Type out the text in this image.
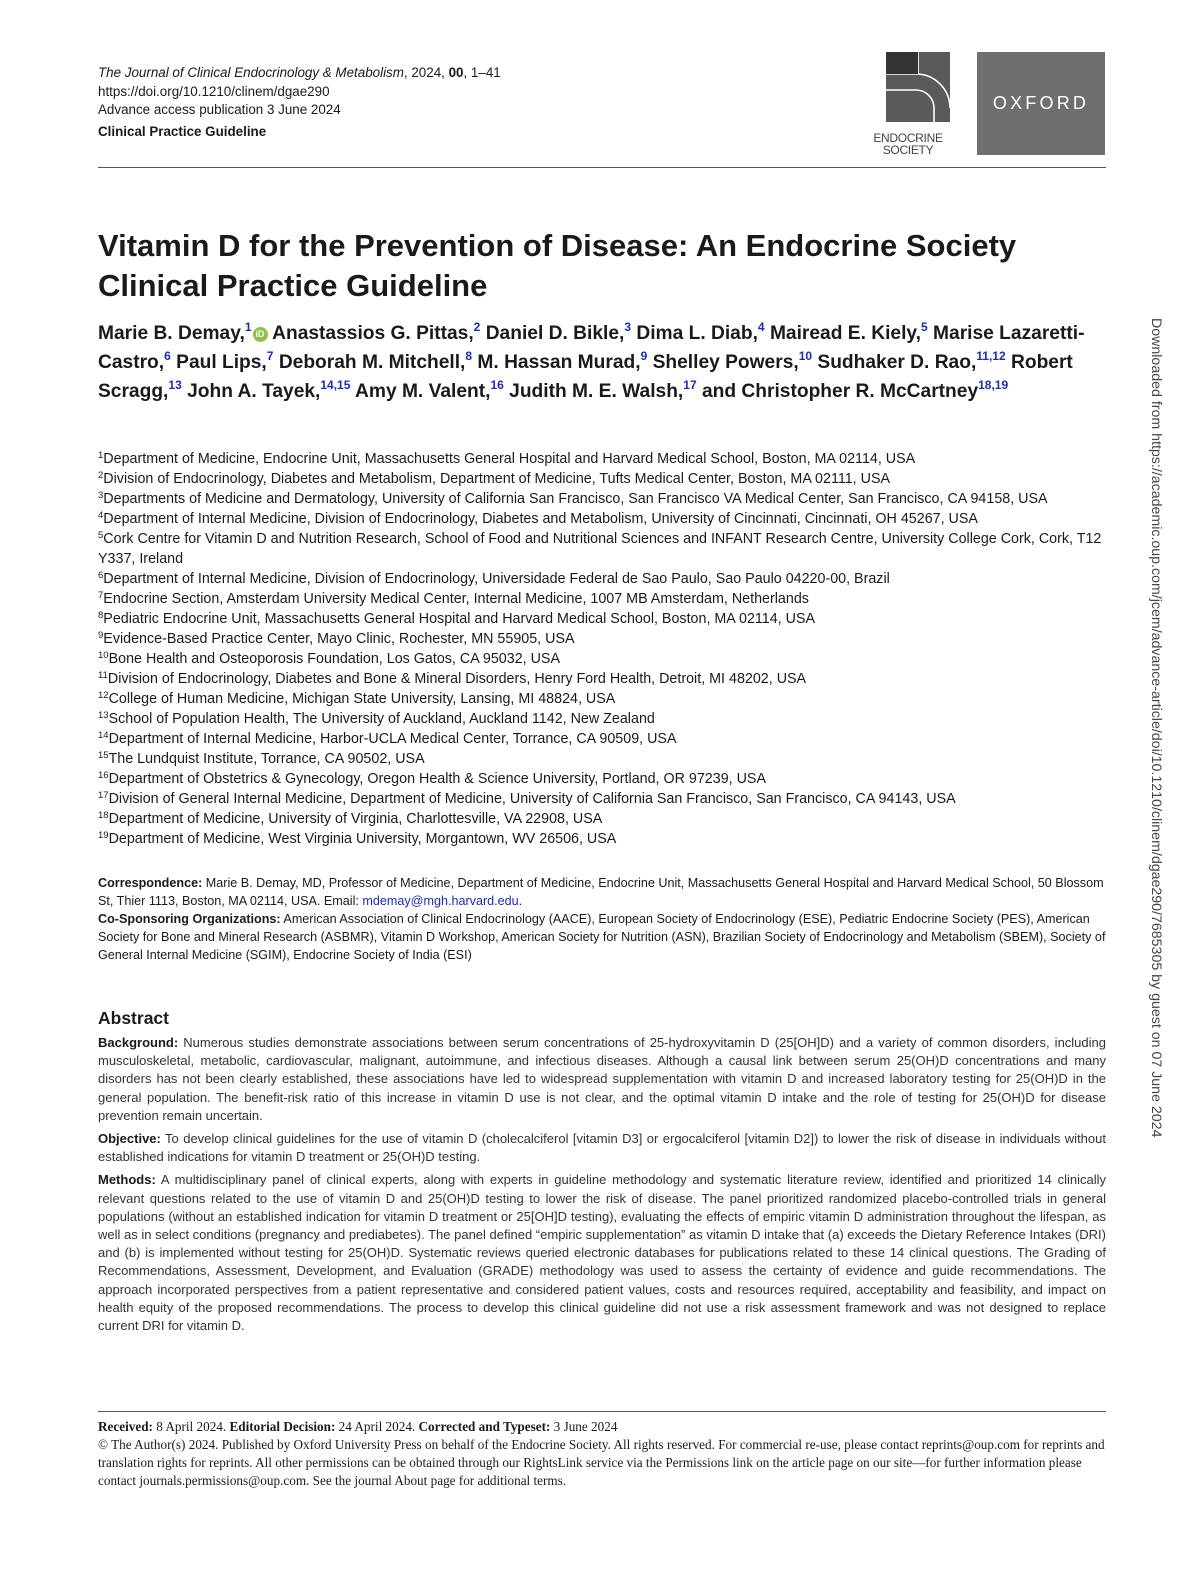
The Journal of Clinical Endocrinology & Metabolism, 2024, 00, 1–41
https://doi.org/10.1210/clinem/dgae290
Advance access publication 3 June 2024
Clinical Practice Guideline	ENDOCRINE
SOCIETY
OXFORD
Vitamin D for the Prevention of Disease: An Endocrine Society Clinical Practice Guideline
Marie B. Demay,$^1$ iD Anastassios G. Pittas,$^2$ Daniel D. Bikle,$^3$ Dima L. Diab,$^4$ Mairead E. Kiely,$^5$ Marise Lazaretti-Castro,$^6$ Paul Lips,$^7$ Deborah M. Mitchell,$^8$ M. Hassan Murad,$^9$ Shelley Powers,$^{10}$ Sudhaker D. Rao,$^{11,12}$ Robert Scragg,$^{13}$ John A. Tayek,$^{14,15}$ Amy M. Valent,$^{16}$ Judith M. E. Walsh,$^{17}$ and Christopher R. McCartney$^{18,19}$
$^1$Department of Medicine, Endocrine Unit, Massachusetts General Hospital and Harvard Medical School, Boston, MA 02114, USA
$^2$Division of Endocrinology, Diabetes and Metabolism, Department of Medicine, Tufts Medical Center, Boston, MA 02111, USA
$^3$Departments of Medicine and Dermatology, University of California San Francisco, San Francisco VA Medical Center, San Francisco, CA 94158, USA
$^4$Department of Internal Medicine, Division of Endocrinology, Diabetes and Metabolism, University of Cincinnati, Cincinnati, OH 45267, USA
$^5$Cork Centre for Vitamin D and Nutrition Research, School of Food and Nutritional Sciences and INFANT Research Centre, University College Cork, Cork, T12 Y337, Ireland
$^6$Department of Internal Medicine, Division of Endocrinology, Universidade Federal de Sao Paulo, Sao Paulo 04220-00, Brazil
$^7$Endocrine Section, Amsterdam University Medical Center, Internal Medicine, 1007 MB Amsterdam, Netherlands
$^8$Pediatric Endocrine Unit, Massachusetts General Hospital and Harvard Medical School, Boston, MA 02114, USA
$^9$Evidence-Based Practice Center, Mayo Clinic, Rochester, MN 55905, USA
$^{10}$Bone Health and Osteoporosis Foundation, Los Gatos, CA 95032, USA
$^{11}$Division of Endocrinology, Diabetes and Bone & Mineral Disorders, Henry Ford Health, Detroit, MI 48202, USA
$^{12}$College of Human Medicine, Michigan State University, Lansing, MI 48824, USA
$^{13}$School of Population Health, The University of Auckland, Auckland 1142, New Zealand
$^{14}$Department of Internal Medicine, Harbor-UCLA Medical Center, Torrance, CA 90509, USA
$^{15}$The Lundquist Institute, Torrance, CA 90502, USA
$^{16}$Department of Obstetrics & Gynecology, Oregon Health & Science University, Portland, OR 97239, USA
$^{17}$Division of General Internal Medicine, Department of Medicine, University of California San Francisco, San Francisco, CA 94143, USA
$^{18}$Department of Medicine, University of Virginia, Charlottesville, VA 22908, USA
$^{19}$Department of Medicine, West Virginia University, Morgantown, WV 26506, USA
Correspondence: Marie B. Demay, MD, Professor of Medicine, Department of Medicine, Endocrine Unit, Massachusetts General Hospital and Harvard Medical School, 50 Blossom St, Thier 1113, Boston, MA 02114, USA. Email: mdemay@mgh.harvard.edu.
Co-Sponsoring Organizations: American Association of Clinical Endocrinology (AACE), European Society of Endocrinology (ESE), Pediatric Endocrine Society (PES), American Society for Bone and Mineral Research (ASBMR), Vitamin D Workshop, American Society for Nutrition (ASN), Brazilian Society of Endocrinology and Metabolism (SBEM), Society of General Internal Medicine (SGIM), Endocrine Society of India (ESI)
Abstract

Background: Numerous studies demonstrate associations between serum concentrations of 25-hydroxyvitamin D (25[OH]D) and a variety of common disorders, including musculoskeletal, metabolic, cardiovascular, malignant, autoimmune, and infectious diseases. Although a causal link between serum 25(OH)D concentrations and many disorders has not been clearly established, these associations have led to widespread supplementation with vitamin D and increased laboratory testing for 25(OH)D in the general population. The benefit-risk ratio of this increase in vitamin D use is not clear, and the optimal vitamin D intake and the role of testing for 25(OH)D for disease prevention remain uncertain.

Objective: To develop clinical guidelines for the use of vitamin D (cholecalciferol [vitamin D3] or ergocalciferol [vitamin D2]) to lower the risk of disease in individuals without established indications for vitamin D treatment or 25(OH)D testing.

Methods: A multidisciplinary panel of clinical experts, along with experts in guideline methodology and systematic literature review, identified and prioritized 14 clinically relevant questions related to the use of vitamin D and 25(OH)D testing to lower the risk of disease. The panel prioritized randomized placebo-controlled trials in general populations (without an established indication for vitamin D treatment or 25[OH]D testing), evaluating the effects of empiric vitamin D administration throughout the lifespan, as well as in select conditions (pregnancy and prediabetes). The panel defined “empiric supplementation” as vitamin D intake that (a) exceeds the Dietary Reference Intakes (DRI) and (b) is implemented without testing for 25(OH)D. Systematic reviews queried electronic databases for publications related to these 14 clinical questions. The Grading of Recommendations, Assessment, Development, and Evaluation (GRADE) methodology was used to assess the certainty of evidence and guide recommendations. The approach incorporated perspectives from a patient representative and considered patient values, costs and resources required, acceptability and feasibility, and impact on health equity of the proposed recommendations. The process to develop this clinical guideline did not use a risk assessment framework and was not designed to replace current DRI for vitamin D.

Received: 8 April 2024. Editorial Decision: 24 April 2024. Corrected and Typeset: 3 June 2024

© The Author(s) 2024. Published by Oxford University Press on behalf of the Endocrine Society. All rights reserved. For commercial re-use, please contact reprints@oup.com for reprints and translation rights for reprints. All other permissions can be obtained through our RightsLink service via the Permissions link on the article page on our site—for further information please contact journals.permissions@oup.com. See the journal About page for additional terms.

Downloaded from https://academic.oup.com/jcem/advance-article/doi/10.1210/clinem/dgae290/7685305 by guest on 07 June 2024
